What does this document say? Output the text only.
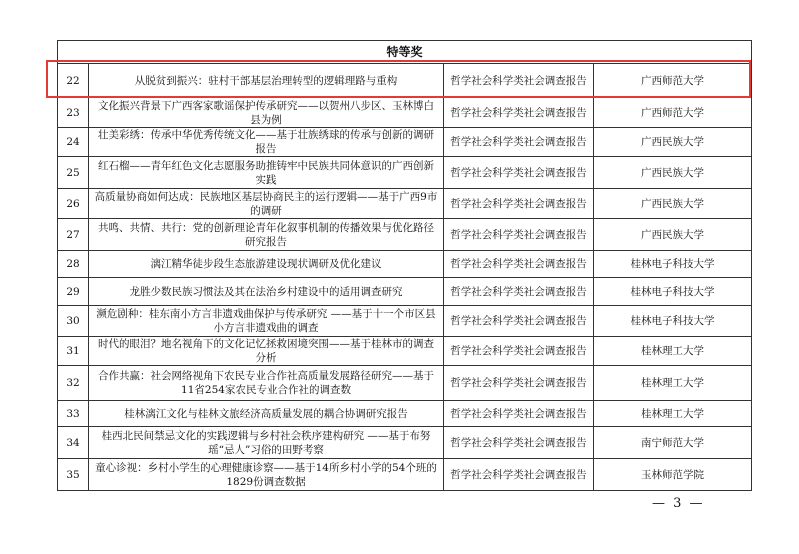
特等奖			
22	从脱贫到振兴：驻村干部基层治理转型的逻辑理路与重构	哲学社会科学类社会调查报告	广西师范大学
23	文化振兴背景下广西客家歌谣保护传承研究——以贺州八步区、玉林博白县为例	哲学社会科学类社会调查报告	广西师范大学
24	壮美彩绣：传承中华优秀传统文化——基于壮族绣球的传承与创新的调研报告	哲学社会科学类社会调查报告	广西民族大学
25	红石榴——青年红色文化志愿服务助推铸牢中民族共同体意识的广西创新实践	哲学社会科学类社会调查报告	广西民族大学
26	高质量协商如何达成：民族地区基层协商民主的运行逻辑——基于广西9市的调研	哲学社会科学类社会调查报告	广西民族大学
27	共鸣、共情、共行：党的创新理论青年化叙事机制的传播效果与优化路径研究报告	哲学社会科学类社会调查报告	广西民族大学
28	漓江精华徒步段生态旅游建设现状调研及优化建议	哲学社会科学类社会调查报告	桂林电子科技大学
29	龙胜少数民族习惯法及其在法治乡村建设中的适用调查研究	哲学社会科学类社会调查报告	桂林电子科技大学
30	濒危剧种：桂东南小方言非遗戏曲保护与传承研究 ——基于十一个市区县小方言非遗戏曲的调查	哲学社会科学类社会调查报告	桂林电子科技大学
31	时代的眼泪？地名视角下的文化记忆拯救困境突围——基于桂林市的调查分析	哲学社会科学类社会调查报告	桂林理工大学
32	合作共赢：社会网络视角下农民专业合作社高质量发展路径研究——基于11省254家农民专业合作社的调查数	哲学社会科学类社会调查报告	桂林理工大学
33	桂林漓江文化与桂林文旅经济高质量发展的耦合协调研究报告	哲学社会科学类社会调查报告	桂林理工大学
34	桂西北民间禁忌文化的实践逻辑与乡村社会秩序建构研究 ——基于布努瑶“忌人”习俗的田野考察	哲学社会科学类社会调查报告	南宁师范大学
35	童心诊视：乡村小学生的心理健康诊察——基于14所乡村小学的54个班的1829份调查数据	哲学社会科学类社会调查报告	玉林师范学院
— 3 —
